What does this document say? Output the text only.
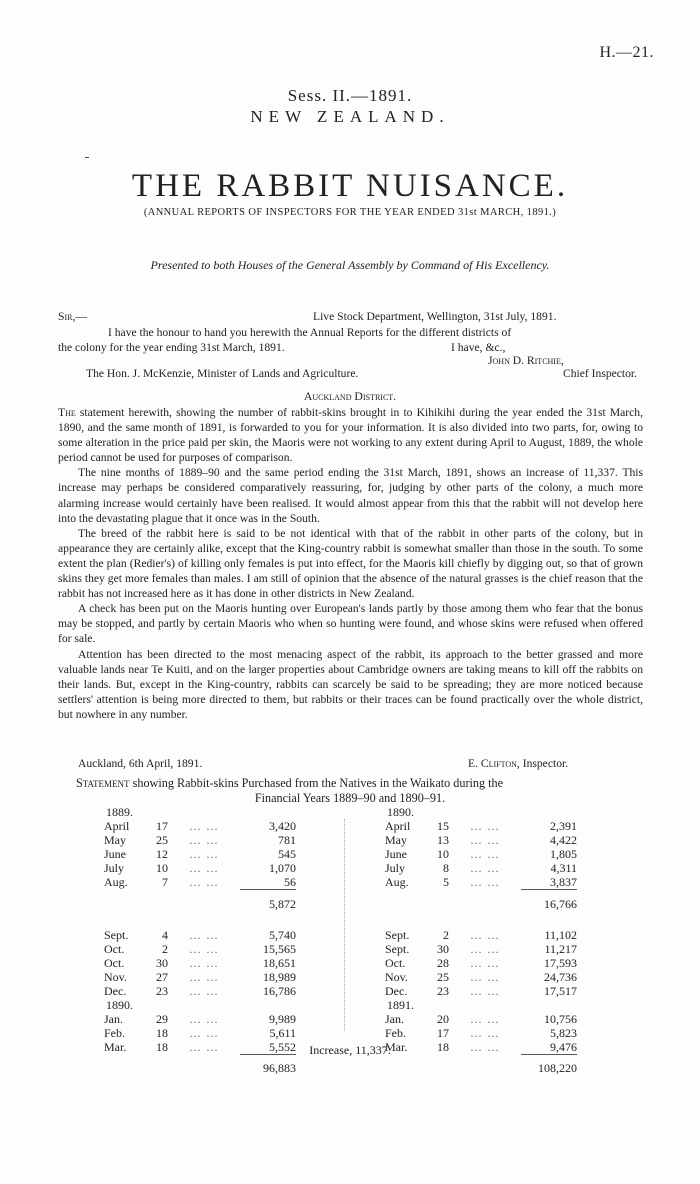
H.—21.
Sess. II.—1891.
NEW ZEALAND.
THE RABBIT NUISANCE.
(ANNUAL REPORTS OF INSPECTORS FOR THE YEAR ENDED 31st MARCH, 1891.)
Presented to both Houses of the General Assembly by Command of His Excellency.
Sir,—	Live Stock Department, Wellington, 31st July, 1891.
I have the honour to hand you herewith the Annual Reports for the different districts of
the colony for the year ending 31st March, 1891.	I have, &c.,
John D. Ritchie,
The Hon. J. McKenzie, Minister of Lands and Agriculture.	Chief Inspector.
Auckland District.

The statement herewith, showing the number of rabbit-skins brought in to Kihikihi during the year ended the 31st March, 1890, and the same month of 1891, is forwarded to you for your information. It is also divided into two parts, for, owing to some alteration in the price paid per skin, the Maoris were not working to any extent during April to August, 1889, the whole period cannot be used for purposes of comparison.

The nine months of 1889–90 and the same period ending the 31st March, 1891, shows an increase of 11,337. This increase may perhaps be considered comparatively reassuring, for, judging by other parts of the colony, a much more alarming increase would certainly have been realised. It would almost appear from this that the rabbit will not develop here into the devastating plague that it once was in the South.

The breed of the rabbit here is said to be not identical with that of the rabbit in other parts of the colony, but in appearance they are certainly alike, except that the King-country rabbit is somewhat smaller than those in the south. To some extent the plan (Redier's) of killing only females is put into effect, for the Maoris kill chiefly by digging out, so that of grown skins they get more females than males. I am still of opinion that the absence of the natural grasses is the chief reason that the rabbit has not increased here as it has done in other districts in New Zealand.

A check has been put on the Maoris hunting over European's lands partly by those among them who fear that the bonus may be stopped, and partly by certain Maoris who when so hunting were found, and whose skins were refused when offered for sale.

Attention has been directed to the most menacing aspect of the rabbit, its approach to the better grassed and more valuable lands near Te Kuiti, and on the larger properties about Cambridge owners are taking means to kill off the rabbits on their lands. But, except in the King-country, rabbits can scarcely be said to be spreading; they are more noticed because settlers' attention is being more directed to them, but rabbits or their traces can be found practically over the whole district, but nowhere in any number.

Auckland, 6th April, 1891.	E. Clifton, Inspector.
Statement showing Rabbit-skins Purchased from the Natives in the Waikato during the
Financial Years 1889–90 and 1890–91.
1889.			
April	17	… …	3,420
May	25	… …	781
June	12	… …	545
July	10	… …	1,070
Aug.	7	… …	56
			5,872

Sept.	4	… …	5,740
Oct.	2	… …	15,565
Oct.	30	… …	18,651
Nov.	27	… …	18,989
Dec.	23	… …	16,786
1890.			
Jan.	29	… …	9,989
Feb.	18	… …	5,611
Mar.	18	… …	5,552
			96,883
1890.			
April	15	… …	2,391
May	13	… …	4,422
June	10	… …	1,805
July	8	… …	4,311
Aug.	5	… …	3,837
			16,766

Sept.	2	… …	11,102
Sept.	30	… …	11,217
Oct.	28	… …	17,593
Nov.	25	… …	24,736
Dec.	23	… …	17,517
1891.			
Jan.	20	… …	10,756
Feb.	17	… …	5,823
Mar.	18	… …	9,476
			108,220
Increase, 11,337.
